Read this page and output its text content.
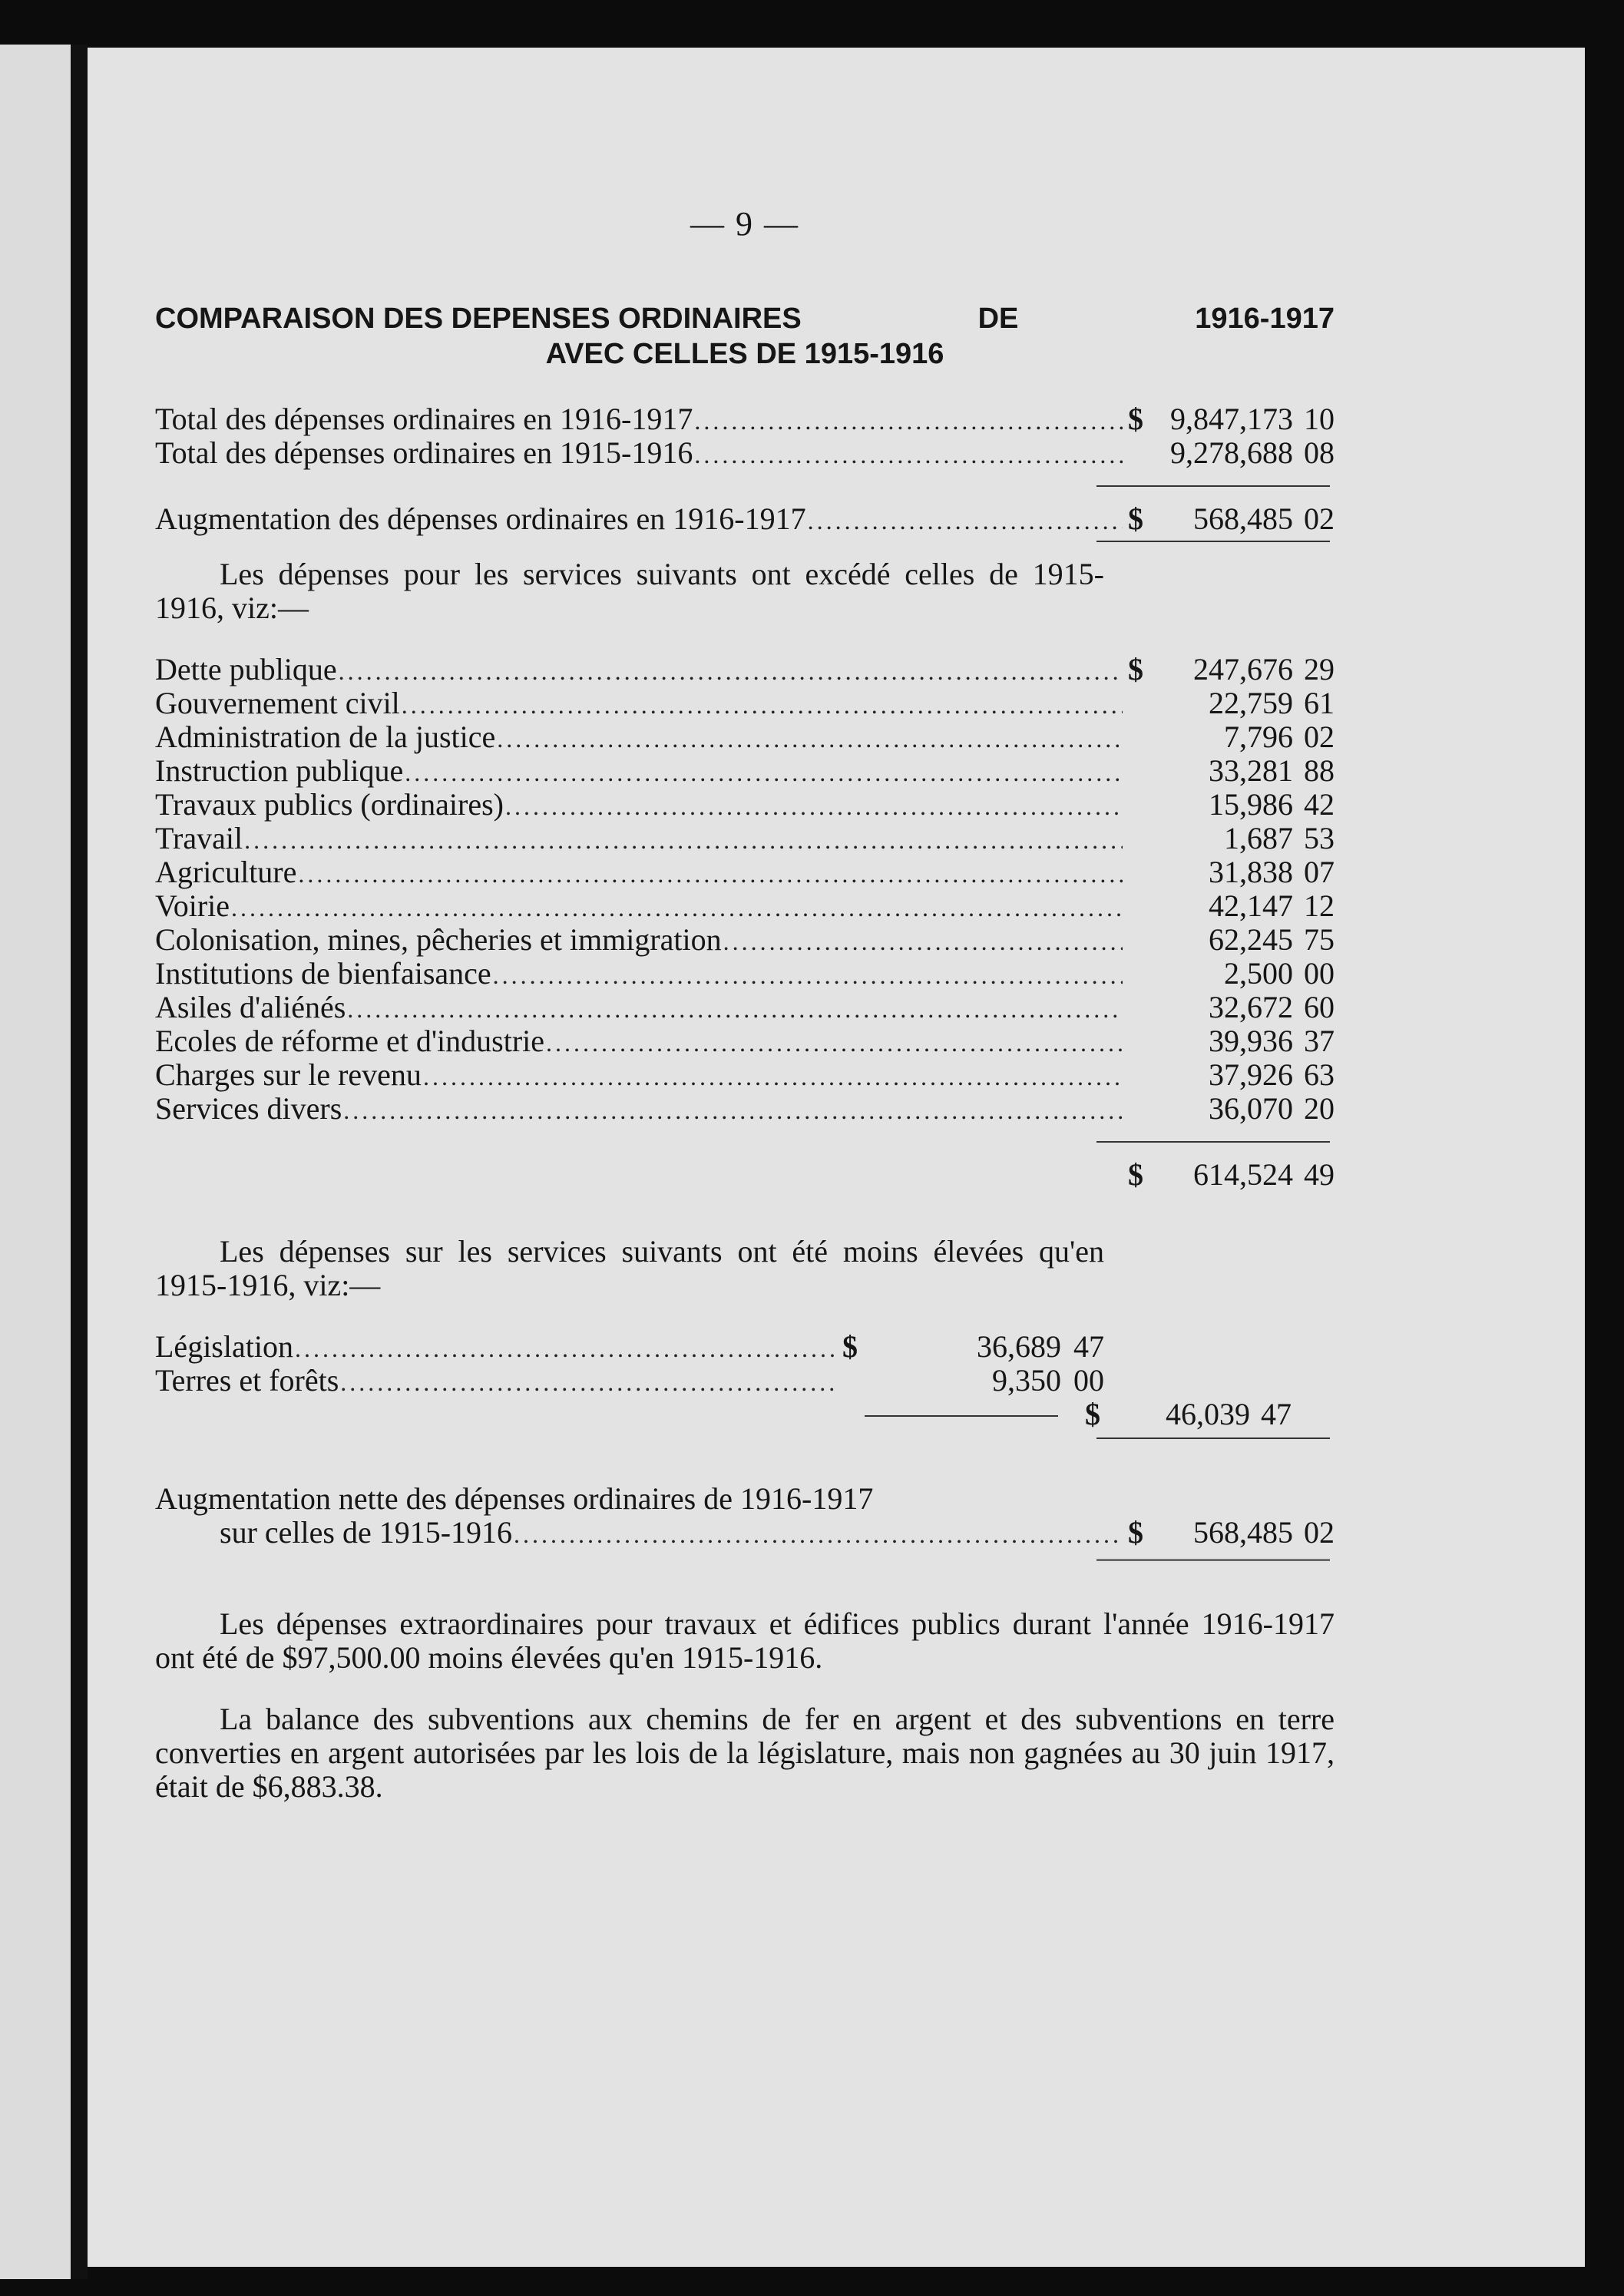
— 9 —
COMPARAISON DES DEPENSES ORDINAIRES	DE	1916-1917
AVEC CELLES DE 1915-1916
Total des dépenses ordinaires en 1916-1917 . . .	$ 9,847,173 10
Total des dépenses ordinaires en 1915-1916 . . .	9,278,688 08
Augmentation des dépenses ordinaires en 1916-1917 . . .	$	568,485 02

Les dépenses pour les services suivants ont excédé celles de 1915-1916, viz:—

Dette publique . . .	$	247,676 29
Gouvernement civil . . .	22,759 61
Administration de la justice . . .	7,796 02
Instruction publique . . .	33,281 88
Travaux publics (ordinaires) . . .	15,986 42
Travail . . .	1,687 53
Agriculture . . .	31,838 07
Voirie . . .	42,147 12
Colonisation, mines, pêcheries et immigration . . .	62,245 75
Institutions de bienfaisance . . .	2,500 00
Asiles d'aliénés . . .	32,672 60
Ecoles de réforme et d'industrie . . .	39,936 37
Charges sur le revenu . . .	37,926 63
Services divers . . .	36,070 20
$	614,524 49

Les dépenses sur les services suivants ont été moins élevées qu'en 1915-1916, viz:—

Législation . . .	$	36,689 47
Terres et forêts . . .	9,350 00
$	46,039 47
Augmentation nette des dépenses ordinaires de 1916-1917
sur celles de 1915-1916 . . .	$	568,485 02

Les dépenses extraordinaires pour travaux et édifices publics durant l'année 1916-1917 ont été de $97,500.00 moins élevées qu'en 1915-1916.

La balance des subventions aux chemins de fer en argent et des subventions en terre converties en argent autorisées par les lois de la législature, mais non gagnées au 30 juin 1917, était de $6,883.38.
